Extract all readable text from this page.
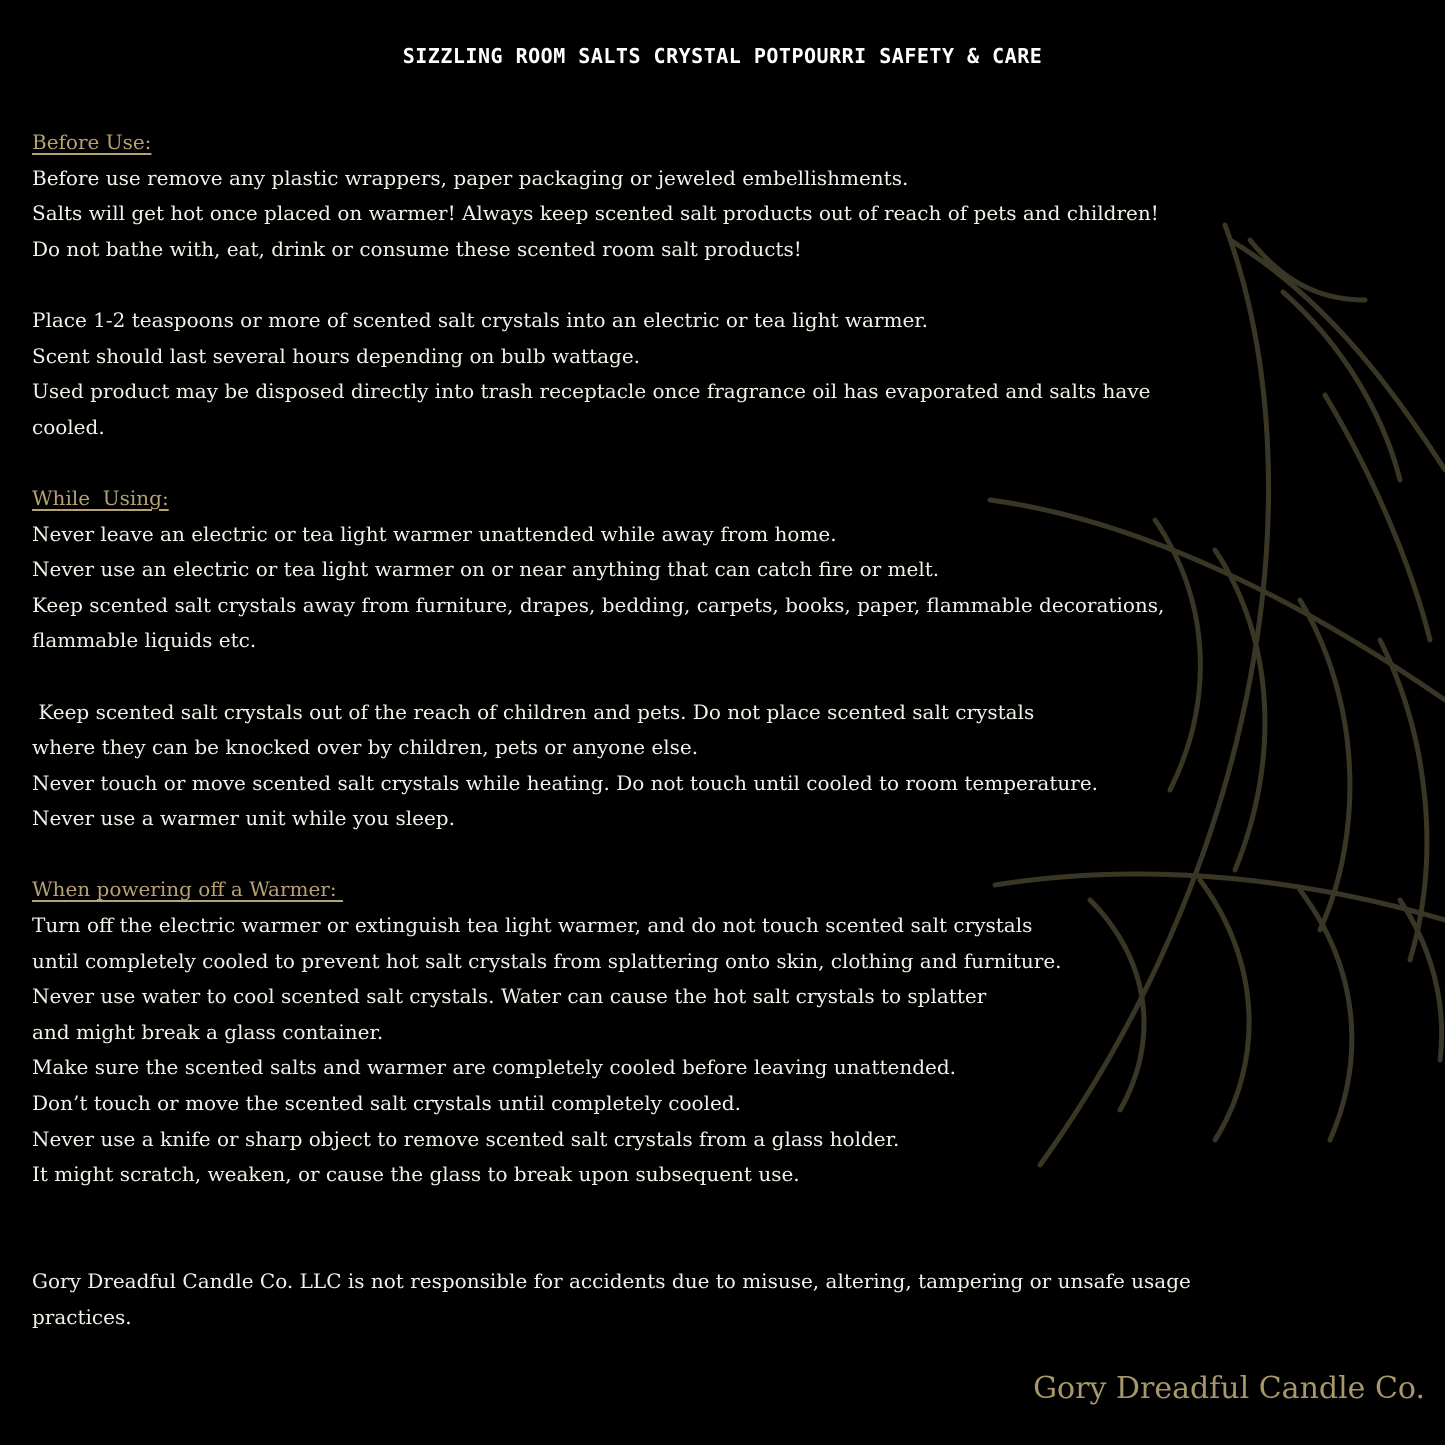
SIZZLING ROOM SALTS CRYSTAL POTPOURRI SAFETY & CARE
Before Use:
Before use remove any plastic wrappers, paper packaging or jeweled embellishments.
Salts will get hot once placed on warmer! Always keep scented salt products out of reach of pets and children!
Do not bathe with, eat, drink or consume these scented room salt products!
Place 1-2 teaspoons or more of scented salt crystals into an electric or tea light warmer.
Scent should last several hours depending on bulb wattage.
Used product may be disposed directly into trash receptacle once fragrance oil has evaporated and salts have
cooled.
While  Using:
Never leave an electric or tea light warmer unattended while away from home.
Never use an electric or tea light warmer on or near anything that can catch fire or melt.
Keep scented salt crystals away from furniture, drapes, bedding, carpets, books, paper, flammable decorations,
flammable liquids etc.
Keep scented salt crystals out of the reach of children and pets. Do not place scented salt crystals
where they can be knocked over by children, pets or anyone else.
Never touch or move scented salt crystals while heating. Do not touch until cooled to room temperature.
Never use a warmer unit while you sleep.
When powering off a Warmer:
Turn off the electric warmer or extinguish tea light warmer, and do not touch scented salt crystals
until completely cooled to prevent hot salt crystals from splattering onto skin, clothing and furniture.
Never use water to cool scented salt crystals. Water can cause the hot salt crystals to splatter
and might break a glass container.
Make sure the scented salts and warmer are completely cooled before leaving unattended.
Don’t touch or move the scented salt crystals until completely cooled.
Never use a knife or sharp object to remove scented salt crystals from a glass holder.
It might scratch, weaken, or cause the glass to break upon subsequent use.
Gory Dreadful Candle Co. LLC is not responsible for accidents due to misuse, altering, tampering or unsafe usage
practices.
Gory Dreadful Candle Co.
